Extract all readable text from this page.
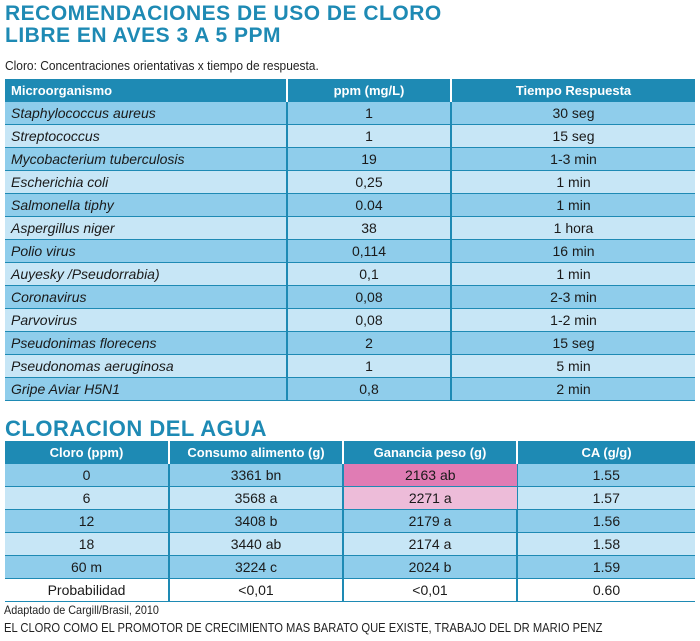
RECOMENDACIONES DE USO DE CLORO
LIBRE EN AVES 3 A 5 PPM
Cloro: Concentraciones orientativas x tiempo de respuesta.
Microorganismo	ppm (mg/L)	Tiempo Respuesta
Staphylococcus aureus	1	30 seg
Streptococcus	1	15 seg
Mycobacterium tuberculosis	19	1-3 min
Escherichia coli	0,25	1 min
Salmonella tiphy	0.04	1 min
Aspergillus niger	38	1 hora
Polio virus	0,114	16 min
Auyesky /Pseudorrabia)	0,1	1 min
Coronavirus	0,08	2-3 min
Parvovirus	0,08	1-2 min
Pseudonimas florecens	2	15 seg
Pseudonomas aeruginosa	1	5 min
Gripe Aviar H5N1	0,8	2 min
CLORACION DEL AGUA
Cloro (ppm)	Consumo alimento (g)	Ganancia peso (g)	CA (g/g)
0	3361 bn	2163 ab	1.55
6	3568 a	2271 a	1.57
12	3408 b	2179 a	1.56
18	3440 ab	2174 a	1.58
60 m	3224 c	2024 b	1.59
Probabilidad	<0,01	<0,01	0.60
Adaptado de Cargill/Brasil, 2010
EL CLORO COMO EL PROMOTOR DE CRECIMIENTO MAS BARATO QUE EXISTE, TRABAJO DEL DR MARIO PENZ
